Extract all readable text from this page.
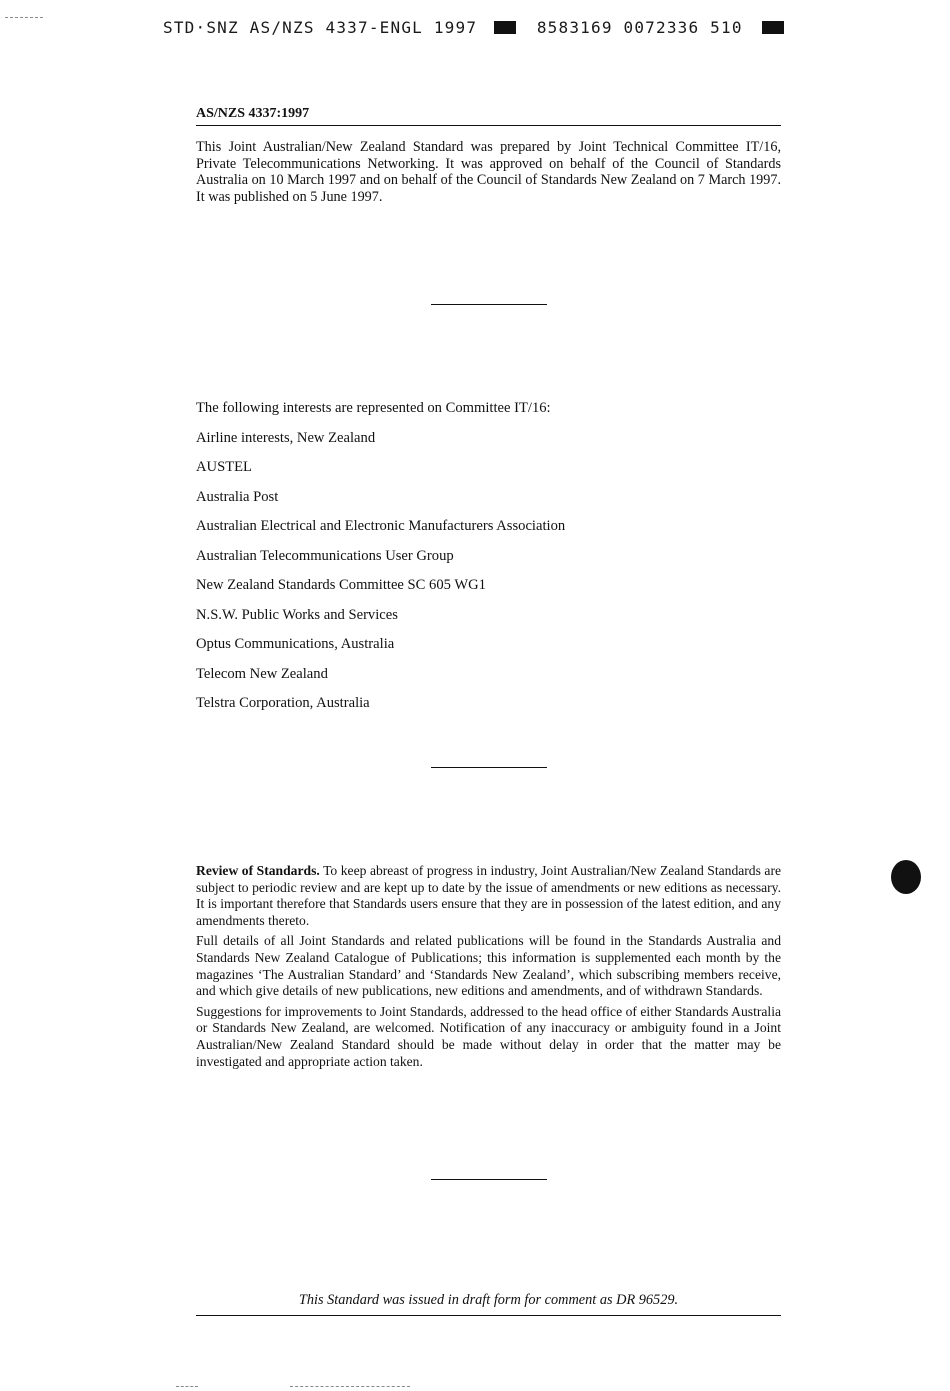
STD·SNZ AS/NZS 4337-ENGL 1997	8583169 0072336 510
AS/NZS 4337:1997

This Joint Australian/New Zealand Standard was prepared by Joint Technical Committee IT/16, Private Telecommunications Networking. It was approved on behalf of the Council of Standards Australia on 10 March 1997 and on behalf of the Council of Standards New Zealand on 7 March 1997. It was published on 5 June 1997.

The following interests are represented on Committee IT/16:

Airline interests, New Zealand
AUSTEL
Australia Post
Australian Electrical and Electronic Manufacturers Association
Australian Telecommunications User Group
New Zealand Standards Committee SC 605 WG1
N.S.W. Public Works and Services
Optus Communications, Australia
Telecom New Zealand
Telstra Corporation, Australia

Review of Standards. To keep abreast of progress in industry, Joint Australian/New Zealand Standards are subject to periodic review and are kept up to date by the issue of amendments or new editions as necessary. It is important therefore that Standards users ensure that they are in possession of the latest edition, and any amendments thereto.

Full details of all Joint Standards and related publications will be found in the Standards Australia and Standards New Zealand Catalogue of Publications; this information is supplemented each month by the magazines ‘The Australian Standard’ and ‘Standards New Zealand’, which subscribing members receive, and which give details of new publications, new editions and amendments, and of withdrawn Standards.

Suggestions for improvements to Joint Standards, addressed to the head office of either Standards Australia or Standards New Zealand, are welcomed. Notification of any inaccuracy or ambiguity found in a Joint Australian/New Zealand Standard should be made without delay in order that the matter may be investigated and appropriate action taken.

This Standard was issued in draft form for comment as DR 96529.
